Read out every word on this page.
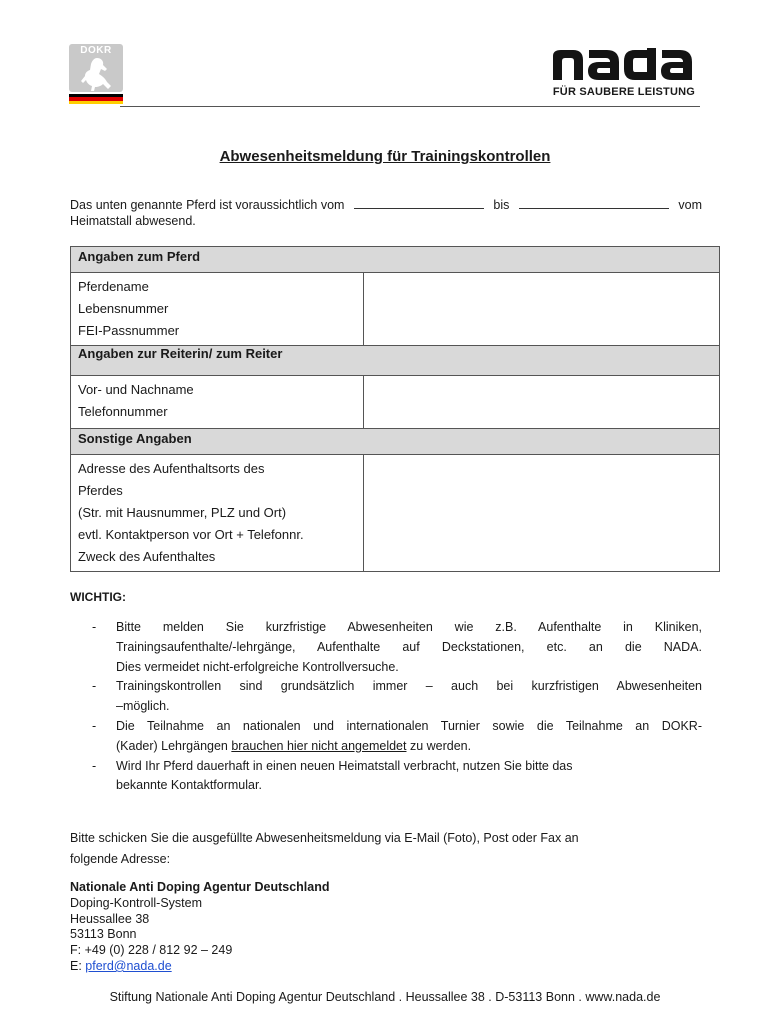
DOKR
FÜR SAUBERE LEISTUNG
Abwesenheitsmeldung für Trainingskontrollen
Das unten genannte Pferd ist voraussichtlich vom	bis	vom
Heimatstall abwesend.
Angaben zum Pferd
Pferdename
Lebensnummer
FEI-Passnummer
Angaben zur Reiterin/ zum Reiter
Vor- und Nachname
Telefonnummer
Sonstige Angaben
Adresse des Aufenthaltsorts des
Pferdes
(Str. mit Hausnummer, PLZ und Ort)
evtl. Kontaktperson vor Ort + Telefonnr.
Zweck des Aufenthaltes
WICHTIG:
- Bitte melden Sie kurzfristige Abwesenheiten wie z.B. Aufenthalte in Kliniken,
Trainingsaufenthalte/-lehrgänge, Aufenthalte auf Deckstationen, etc. an die NADA.
Dies vermeidet nicht-erfolgreiche Kontrollversuche.
- Trainingskontrollen sind grundsätzlich immer – auch bei kurzfristigen Abwesenheiten
–möglich.
- Die Teilnahme an nationalen und internationalen Turnier sowie die Teilnahme an DOKR-
(Kader) Lehrgängen brauchen hier nicht angemeldet zu werden.
- Wird Ihr Pferd dauerhaft in einen neuen Heimatstall verbracht, nutzen Sie bitte das
bekannte Kontaktformular.
Bitte schicken Sie die ausgefüllte Abwesenheitsmeldung via E-Mail (Foto), Post oder Fax an
folgende Adresse:
Nationale Anti Doping Agentur Deutschland
Doping-Kontroll-System
Heussallee 38
53113 Bonn
F: +49 (0) 228 / 812 92 – 249
E: pferd@nada.de
Stiftung Nationale Anti Doping Agentur Deutschland . Heussallee 38 . D-53113 Bonn . www.nada.de
